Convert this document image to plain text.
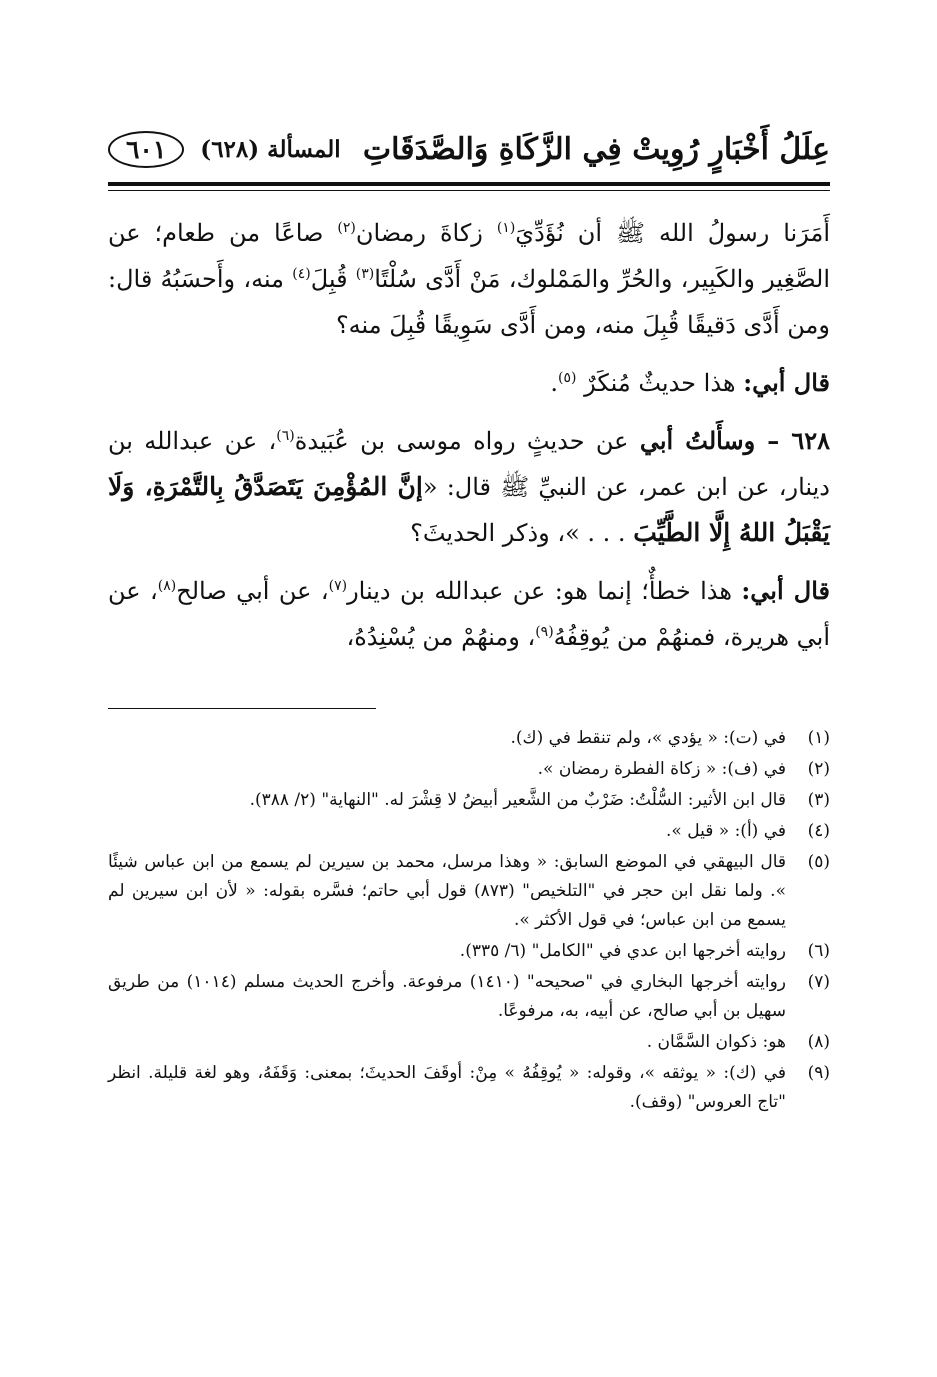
عِلَلُ أَخْبَارٍ رُوِيتْ فِي الزَّكَاةِ وَالصَّدَقَاتِ
المسألة (٦٢٨)
٦٠١

أَمَرَنا رسولُ الله ﷺ أن نُؤَدِّيَ$^{(١)}$ زكاةَ رمضان$^{(٢)}$ صاعًا من طعام؛ عن الصَّغِير والكَبِير، والحُرِّ والمَمْلوك، مَنْ أَدَّى سُلْتًا$^{(٣)}$ قُبِلَ$^{(٤)}$ منه، وأَحسَبُهُ قال: ومن أَدَّى دَقيقًا قُبِلَ منه، ومن أَدَّى سَوِيقًا قُبِلَ منه؟

قال أبي: هذا حديثٌ مُنكَرٌ $^{(٥)}$.

٦٢٨ – وسأَلتُ أبي عن حديثٍ رواه موسى بن عُبَيدة$^{(٦)}$، عن عبدالله بن دينار، عن ابن عمر، عن النبيِّ ﷺ قال: «إنَّ المُؤْمِنَ يَتَصَدَّقُ بِالتَّمْرَةِ، وَلَا يَقْبَلُ اللهُ إِلَّا الطَّيِّبَ . . . »، وذكر الحديثَ؟

قال أبي: هذا خطأٌ؛ إنما هو: عن عبدالله بن دينار$^{(٧)}$، عن أبي صالح$^{(٨)}$، عن أبي هريرة، فمنهُمْ من يُوقِفُهُ$^{(٩)}$، ومنهُمْ من يُسْنِدُهُ،

(١)
في (ت): « يؤدي »، ولم تنقط في (ك).
(٢)
في (ف): « زكاة الفطرة رمضان ».
(٣)
قال ابن الأثير: السُّلْتُ: ضَرْبٌ من الشَّعير أبيضُ لا قِشْرَ له. "النهاية" (٢/ ٣٨٨).
(٤)
في (أ): « قيل ».
(٥)
قال البيهقي في الموضع السابق: « وهذا مرسل، محمد بن سيرين لم يسمع من ابن عباس شيئًا ». ولما نقل ابن حجر في "التلخيص" (٨٧٣) قول أبي حاتم؛ فسَّره بقوله: « لأن ابن سيرين لم يسمع من ابن عباس؛ في قول الأكثر ».
(٦)
روايته أخرجها ابن عدي في "الكامل" (٦/ ٣٣٥).
(٧)
روايته أخرجها البخاري في "صحيحه" (١٤١٠) مرفوعة. وأخرج الحديث مسلم (١٠١٤) من طريق سهيل بن أبي صالح، عن أبيه، به، مرفوعًا.
(٨)
هو: ذكوان السَّمَّان .
(٩)
في (ك): « يوثقه »، وقوله: « يُوقِفُهُ » مِنْ: أوقَفَ الحديثَ؛ بمعنى: وَقَفَهُ، وهو لغة قليلة. انظر "تاج العروس" (وقف).
